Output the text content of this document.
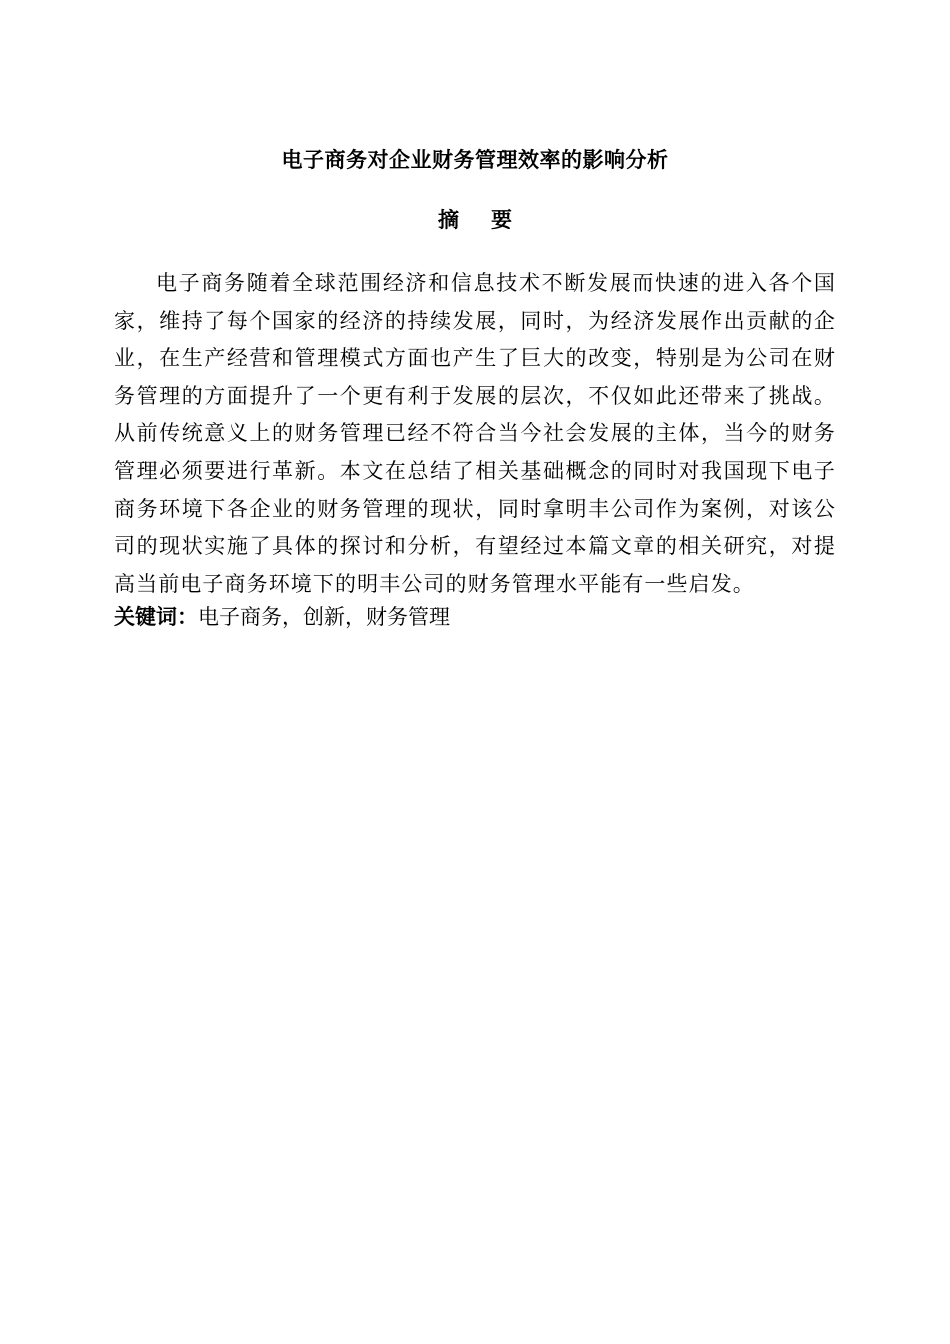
电子商务对企业财务管理效率的影响分析
摘要

电子商务随着全球范围经济和信息技术不断发展而快速的进入各个国家，维持了每个国家的经济的持续发展，同时，为经济发展作出贡献的企业，在生产经营和管理模式方面也产生了巨大的改变，特别是为公司在财务管理的方面提升了一个更有利于发展的层次，不仅如此还带来了挑战。从前传统意义上的财务管理已经不符合当今社会发展的主体，当今的财务管理必须要进行革新。本文在总结了相关基础概念的同时对我国现下电子商务环境下各企业的财务管理的现状，同时拿明丰公司作为案例，对该公司的现状实施了具体的探讨和分析，有望经过本篇文章的相关研究，对提高当前电子商务环境下的明丰公司的财务管理水平能有一些启发。

关键词：电子商务，创新，财务管理
